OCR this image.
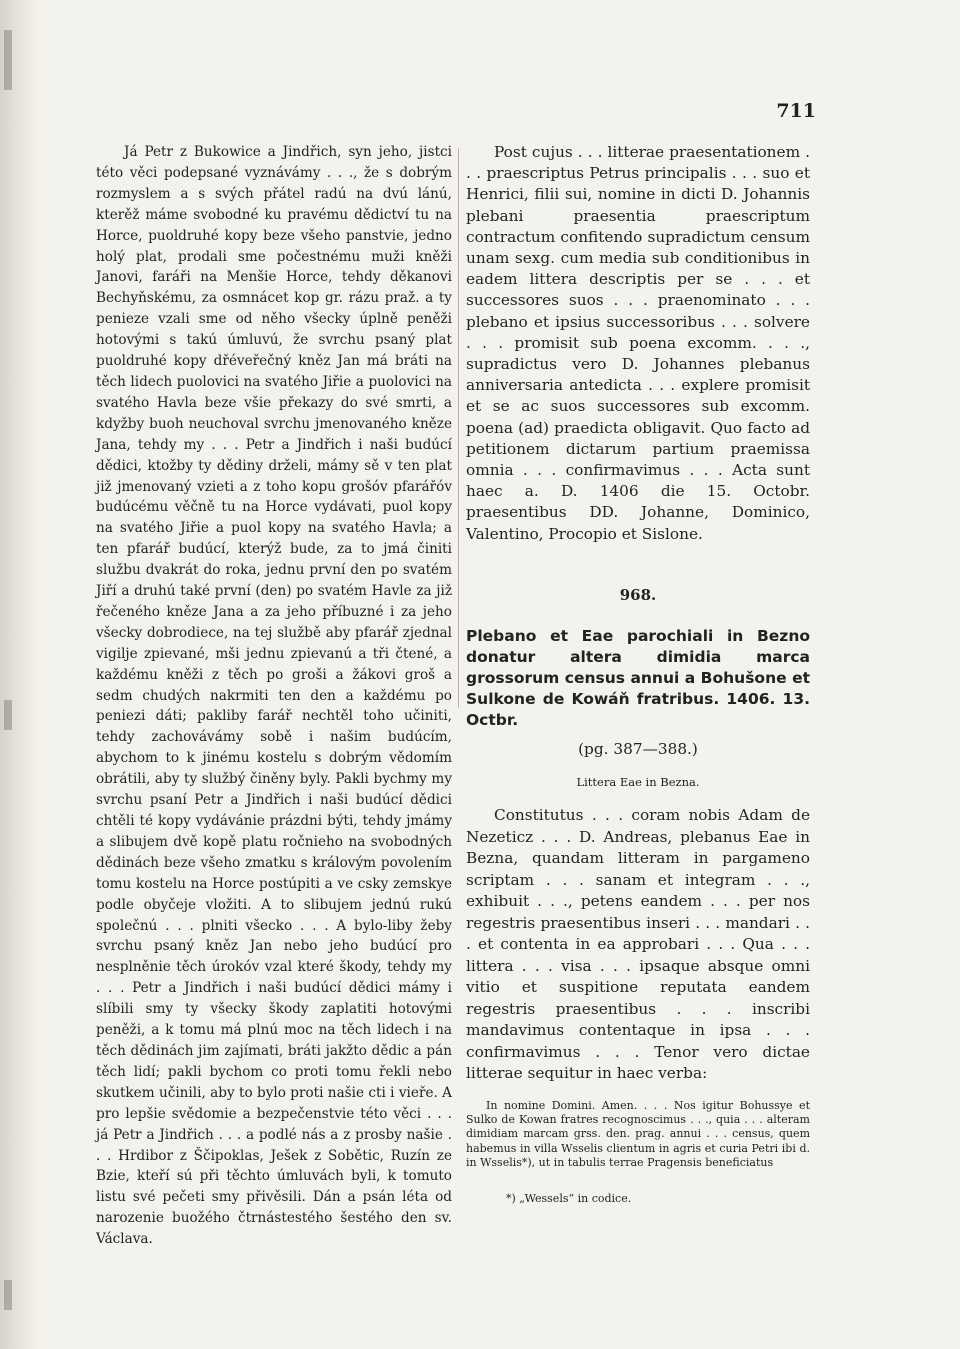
711

Já Petr z Bukowice a Jindřich, syn jeho, jistci této věci podepsané vyznávámy . . ., že s dobrým rozmyslem a s svých přátel radú na dvú lánú, kterěž máme svobodné ku pravému dědictví tu na Horce, puoldruhé kopy beze všeho panstvie, jedno holý plat, prodali sme počestnému muži kněži Janovi, faráři na Menšie Horce, tehdy děkanovi Bechyňskému, za osmnácet kop gr. rázu praž. a ty penieze vzali sme od něho všecky úplně peněži hotovými s takú úmluvú, že svrchu psaný plat puoldruhé kopy dřéveřečný kněz Jan má bráti na těch lidech puolovici na svatého Jiřie a puolovici na svatého Havla beze všie překazy do své smrti, a kdyžby buoh neuchoval svrchu jmenovaného kněze Jana, tehdy my . . . Petr a Jindřich i naši budúcí dědici, ktožby ty dědiny drželi, mámy sě v ten plat již jmenovaný vzieti a z toho kopu grošóv pfarářóv budúcému věčně tu na Horce vydávati, puol kopy na svatého Jiřie a puol kopy na svatého Havla; a ten pfarář budúcí, kterýž bude, za to jmá činiti službu dvakrát do roka, jednu první den po svatém Jiří a druhú také první (den) po svatém Havle za již řečeného kněze Jana a za jeho příbuzné i za jeho všecky dobrodiece, na tej službě aby pfarář zjednal vigilje zpievané, mši jednu zpievanú a tři čtené, a každému kněži z těch po groši a žákovi groš a sedm chudých nakrmiti ten den a každému po peniezi dáti; pakliby farář nechtěl toho učiniti, tehdy zachovávámy sobě i našim budúcím, abychom to k jinému kostelu s dobrým vědomím obrátili, aby ty službý činěny byly. Pakli bychmy my svrchu psaní Petr a Jindřich i naši budúcí dědici chtěli té kopy vydávánie prázdni býti, tehdy jmámy a slibujem dvě kopě platu ročnieho na svobodných dědinách beze všeho zmatku s královým povolením tomu kostelu na Horce postúpiti a ve csky zemskye podle obyčeje vložiti. A to slibujem jednú rukú společnú . . . plniti všecko . . . A bylo-liby žeby svrchu psaný kněz Jan nebo jeho budúcí pro nesplněnie těch úrokóv vzal které škody, tehdy my . . . Petr a Jindřich i naši budúcí dědici mámy i slíbili smy ty všecky škody zaplatiti hotovými peněži, a k tomu má plnú moc na těch lidech i na těch dědinách jim zajímati, bráti jakžto dědic a pán těch lidí; pakli bychom co proti tomu řekli nebo skutkem učinili, aby to bylo proti našie cti i vieře. A pro lepšie svědomie a bezpečenstvie této věci . . . já Petr a Jindřich . . . a podlé nás a z prosby našie . . . Hrdibor z Ščipoklas, Ješek z Sobětic, Ruzín ze Bzie, kteří sú při těchto úmluvách byli, k tomuto listu své pečeti smy přivěsili. Dán a psán léta od narozenie buožého čtrnástestého šestého den sv. Václava.

Post cujus . . . litterae praesentationem . . . praescriptus Petrus principalis . . . suo et Henrici, filii sui, nomine in dicti D. Johannis plebani praesentia praescriptum contractum confitendo supradictum censum unam sexg. cum media sub conditionibus in eadem littera descriptis per se . . . et successores suos . . . praenominato . . . plebano et ipsius successoribus . . . solvere . . . promisit sub poena excomm. . . ., supradictus vero D. Johannes plebanus anniversaria antedicta . . . explere promisit et se ac suos successores sub excomm. poena (ad) praedicta obligavit. Quo facto ad petitionem dictarum partium praemissa omnia . . . confirmavimus . . . Acta sunt haec a. D. 1406 die 15. Octobr. praesentibus DD. Johanne, Dominico, Valentino, Procopio et Sislone.

968.
Plebano et Eae parochiali in Bezno donatur altera dimidia marca grossorum census annui a Bohušone et Sulkone de Kowáň fratribus. 1406. 13. Octbr.
(pg. 387—388.)
Littera Eae in Bezna.

Constitutus . . . coram nobis Adam de Nezeticz . . . D. Andreas, plebanus Eae in Bezna, quandam litteram in pargameno scriptam . . . sanam et integram . . ., exhibuit . . ., petens eandem . . . per nos regestris praesentibus inseri . . . mandari . . . et contenta in ea approbari . . . Qua . . . littera . . . visa . . . ipsaque absque omni vitio et suspitione reputata eandem regestris praesentibus . . . inscribi mandavimus contentaque in ipsa . . . confirmavimus . . . Tenor vero dictae litterae sequitur in haec verba:

In nomine Domini. Amen. . . . Nos igitur Bohussye et Sulko de Kowan fratres recognoscimus . . ., quia . . . alteram dimidiam marcam grss. den. prag. annui . . . census, quem habemus in villa Wsselis clientum in agris et curia Petri ibi d. in Wsselis*), ut in tabulis terrae Pragensis beneficiatus

*) „Wessels“ in codice.
